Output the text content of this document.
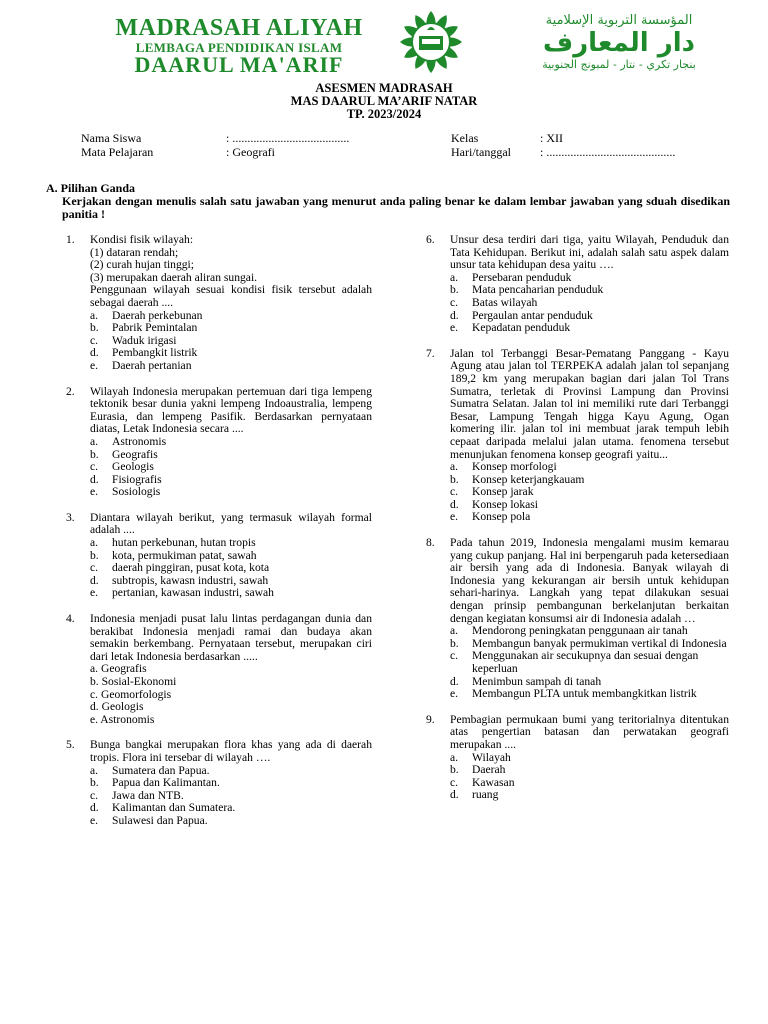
MADRASAH ALIYAH
LEMBAGA PENDIDIKAN ISLAM
DAARUL MA'ARIF
المؤسسة التربوية الإسلامية
دار المعارف
بنجار تكري - نتار - لمبونج الجنوبية
ASESMEN MADRASAH
MAS DAARUL MA’ARIF NATAR
TP. 2023/2024
Nama Siswa
Mata Pelajaran
: .......................................
: Geografi
Kelas
Hari/tanggal
: XII
: ...........................................
A. Pilihan Ganda
Kerjakan dengan menulis salah satu jawaban yang menurut anda paling benar ke dalam lembar jawaban yang sduah disedikan panitia !
1. Kondisi fisik wilayah:
(1) dataran rendah;
(2) curah hujan tinggi;
(3) merupakan daerah aliran sungai.
Penggunaan wilayah sesuai kondisi fisik tersebut adalah sebagai daerah ....
a. Daerah perkebunan
b. Pabrik Pemintalan
c. Waduk irigasi
d. Pembangkit listrik
e. Daerah pertanian
2. Wilayah Indonesia merupakan pertemuan dari tiga lempeng tektonik besar dunia yakni lempeng Indoaustralia, lempeng Eurasia, dan lempeng Pasifik. Berdasarkan pernyataan diatas, Letak Indonesia secara ....
a. Astronomis
b. Geografis
c. Geologis
d. Fisiografis
e. Sosiologis
3. Diantara wilayah berikut, yang termasuk wilayah formal adalah ....
a. hutan perkebunan, hutan tropis
b. kota, permukiman patat, sawah
c. daerah pinggiran, pusat kota, kota
d. subtropis, kawasn industri, sawah
e. pertanian, kawasan industri, sawah
4. Indonesia menjadi pusat lalu lintas perdagangan dunia dan berakibat Indonesia menjadi ramai dan budaya akan semakin berkembang. Pernyataan tersebut, merupakan ciri dari letak Indonesia berdasarkan .....
a. Geografis
b. Sosial-Ekonomi
c. Geomorfologis
d. Geologis
e. Astronomis
5. Bunga bangkai merupakan flora khas yang ada di daerah tropis. Flora ini tersebar di wilayah ….
a. Sumatera dan Papua.
b. Papua dan Kalimantan.
c. Jawa dan NTB.
d. Kalimantan dan Sumatera.
e. Sulawesi dan Papua.
6. Unsur desa terdiri dari tiga, yaitu Wilayah, Penduduk dan Tata Kehidupan. Berikut ini, adalah salah satu aspek dalam unsur tata kehidupan desa yaitu ….
a. Persebaran penduduk
b. Mata pencaharian penduduk
c. Batas wilayah
d. Pergaulan antar penduduk
e. Kepadatan penduduk
7. Jalan tol Terbanggi Besar-Pematang Panggang - Kayu Agung atau jalan tol TERPEKA adalah jalan tol sepanjang 189,2 km yang merupakan bagian dari jalan Tol Trans Sumatra, terletak di Provinsi Lampung dan Provinsi Sumatra Selatan. Jalan tol ini memiliki rute dari Terbanggi Besar, Lampung Tengah higga Kayu Agung, Ogan komering ilir. jalan tol ini membuat jarak tempuh lebih cepaat daripada melalui jalan utama. fenomena tersebut menunjukan fenomena konsep geografi yaitu...
a. Konsep morfologi
b. Konsep keterjangkauam
c. Konsep jarak
d. Konsep lokasi
e. Konsep pola
8. Pada tahun 2019, Indonesia mengalami musim kemarau yang cukup panjang. Hal ini berpengaruh pada ketersediaan air bersih yang ada di Indonesia. Banyak wilayah di Indonesia yang kekurangan air bersih untuk kehidupan sehari-harinya. Langkah yang tepat dilakukan sesuai dengan prinsip pembangunan berkelanjutan berkaitan dengan kegiatan konsumsi air di Indonesia adalah …
a. Mendorong peningkatan penggunaan air tanah
b. Membangun banyak permukiman vertikal di Indonesia
c. Menggunakan air secukupnya dan sesuai dengan keperluan
d. Menimbun sampah di tanah
e. Membangun PLTA untuk membangkitkan listrik
9. Pembagian permukaan bumi yang teritorialnya ditentukan atas pengertian batasan dan perwatakan geografi merupakan ....
a. Wilayah
b. Daerah
c. Kawasan
d. ruang
